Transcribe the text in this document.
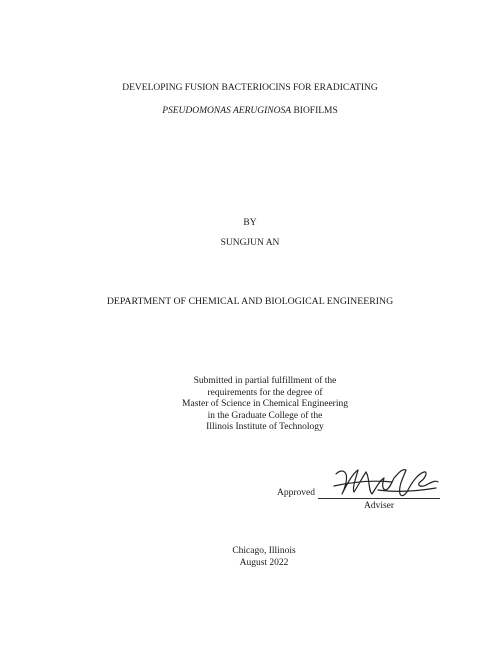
DEVELOPING FUSION BACTERIOCINS FOR ERADICATING
PSEUDOMONAS AERUGINOSA BIOFILMS
BY
SUNGJUN AN
DEPARTMENT OF CHEMICAL AND BIOLOGICAL ENGINEERING
Submitted in partial fulfillment of the
requirements for the degree of
Master of Science in Chemical Engineering
in the Graduate College of the
Illinois Institute of Technology
Approved
Adviser
Chicago, Illinois
August 2022
